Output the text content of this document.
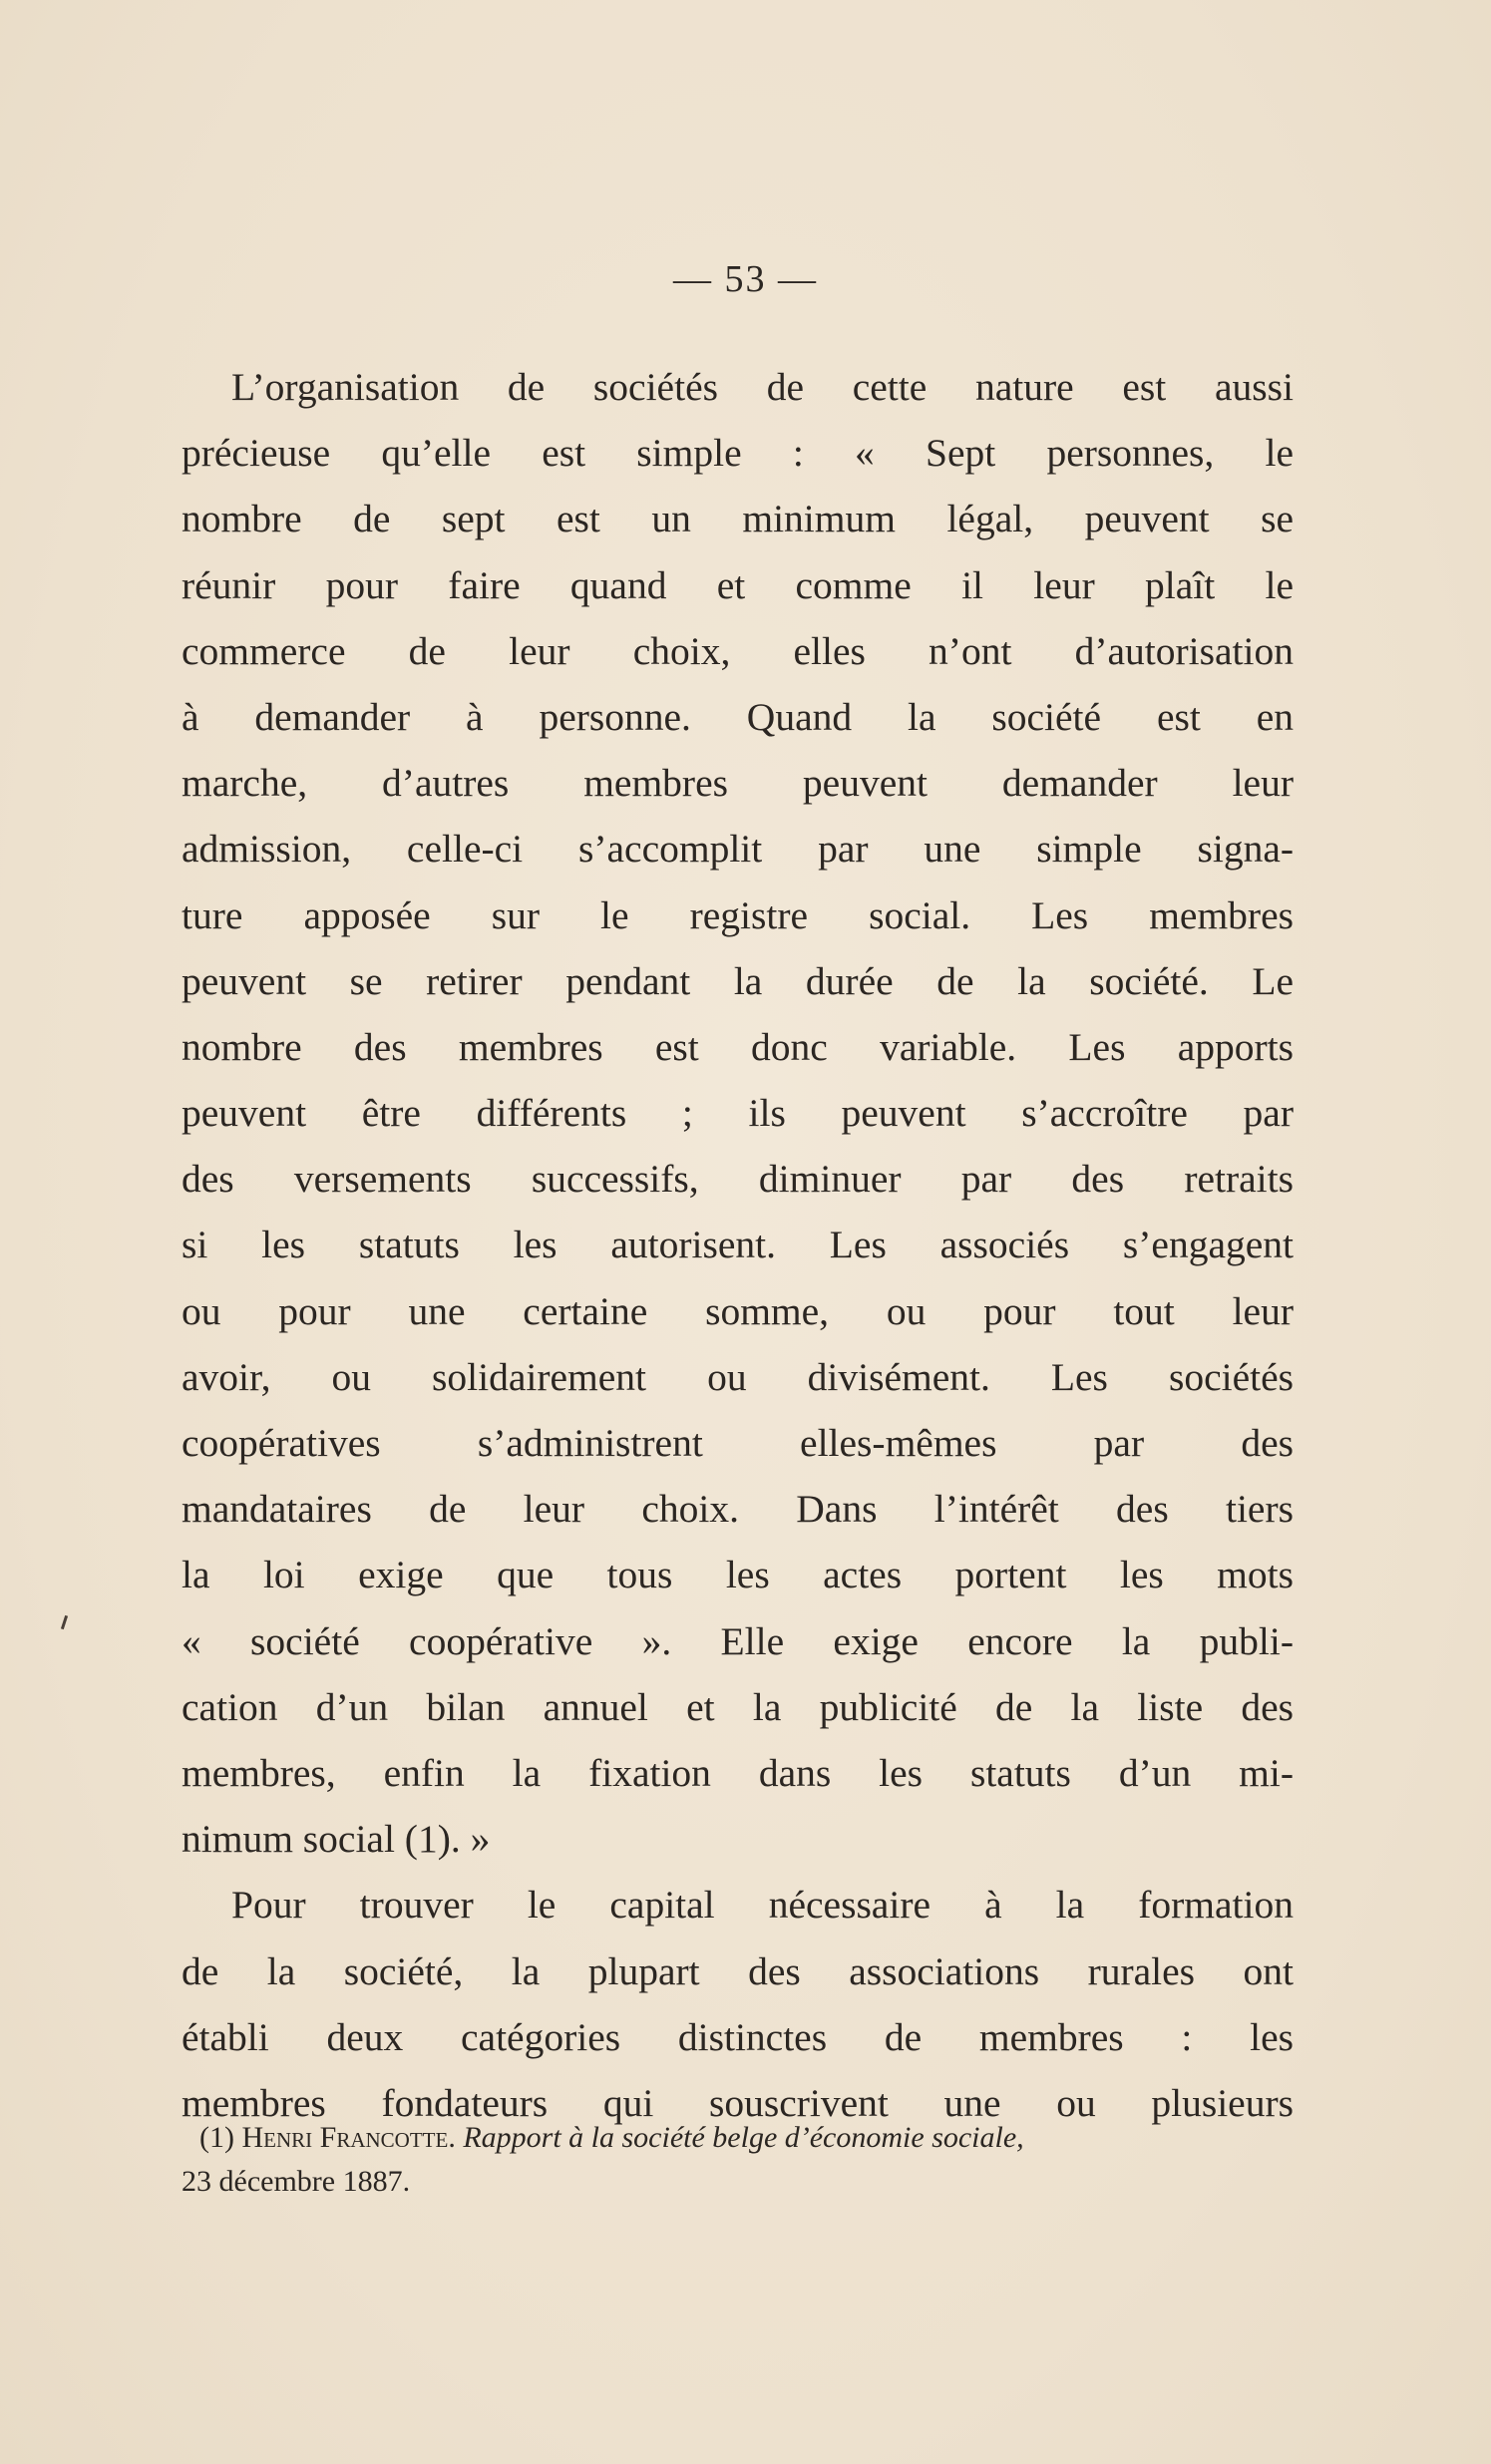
— 53 —
L’organisation de sociétés de cette nature est aussi
précieuse qu’elle est simple : « Sept personnes, le
nombre de sept est un minimum légal, peuvent se
réunir pour faire quand et comme il leur plaît le
commerce de leur choix, elles n’ont d’autorisation
à demander à personne. Quand la société est en
marche, d’autres membres peuvent demander leur
admission, celle-ci s’accomplit par une simple signa-
ture apposée sur le registre social. Les membres
peuvent se retirer pendant la durée de la société. Le
nombre des membres est donc variable. Les apports
peuvent être différents ; ils peuvent s’accroître par
des versements successifs, diminuer par des retraits
si les statuts les autorisent. Les associés s’engagent
ou pour une certaine somme, ou pour tout leur
avoir, ou solidairement ou divisément. Les sociétés
coopératives s’administrent elles-mêmes par des
mandataires de leur choix. Dans l’intérêt des tiers
la loi exige que tous les actes portent les mots
« société coopérative ». Elle exige encore la publi-
cation d’un bilan annuel et la publicité de la liste des
membres, enfin la fixation dans les statuts d’un mi-
nimum social (1). »
Pour trouver le capital nécessaire à la formation
de la société, la plupart des associations rurales ont
établi deux catégories distinctes de membres : les
membres fondateurs qui souscrivent une ou plusieurs
(1) Henri Francotte. Rapport à la société belge d’économie sociale,
23 décembre 1887.
